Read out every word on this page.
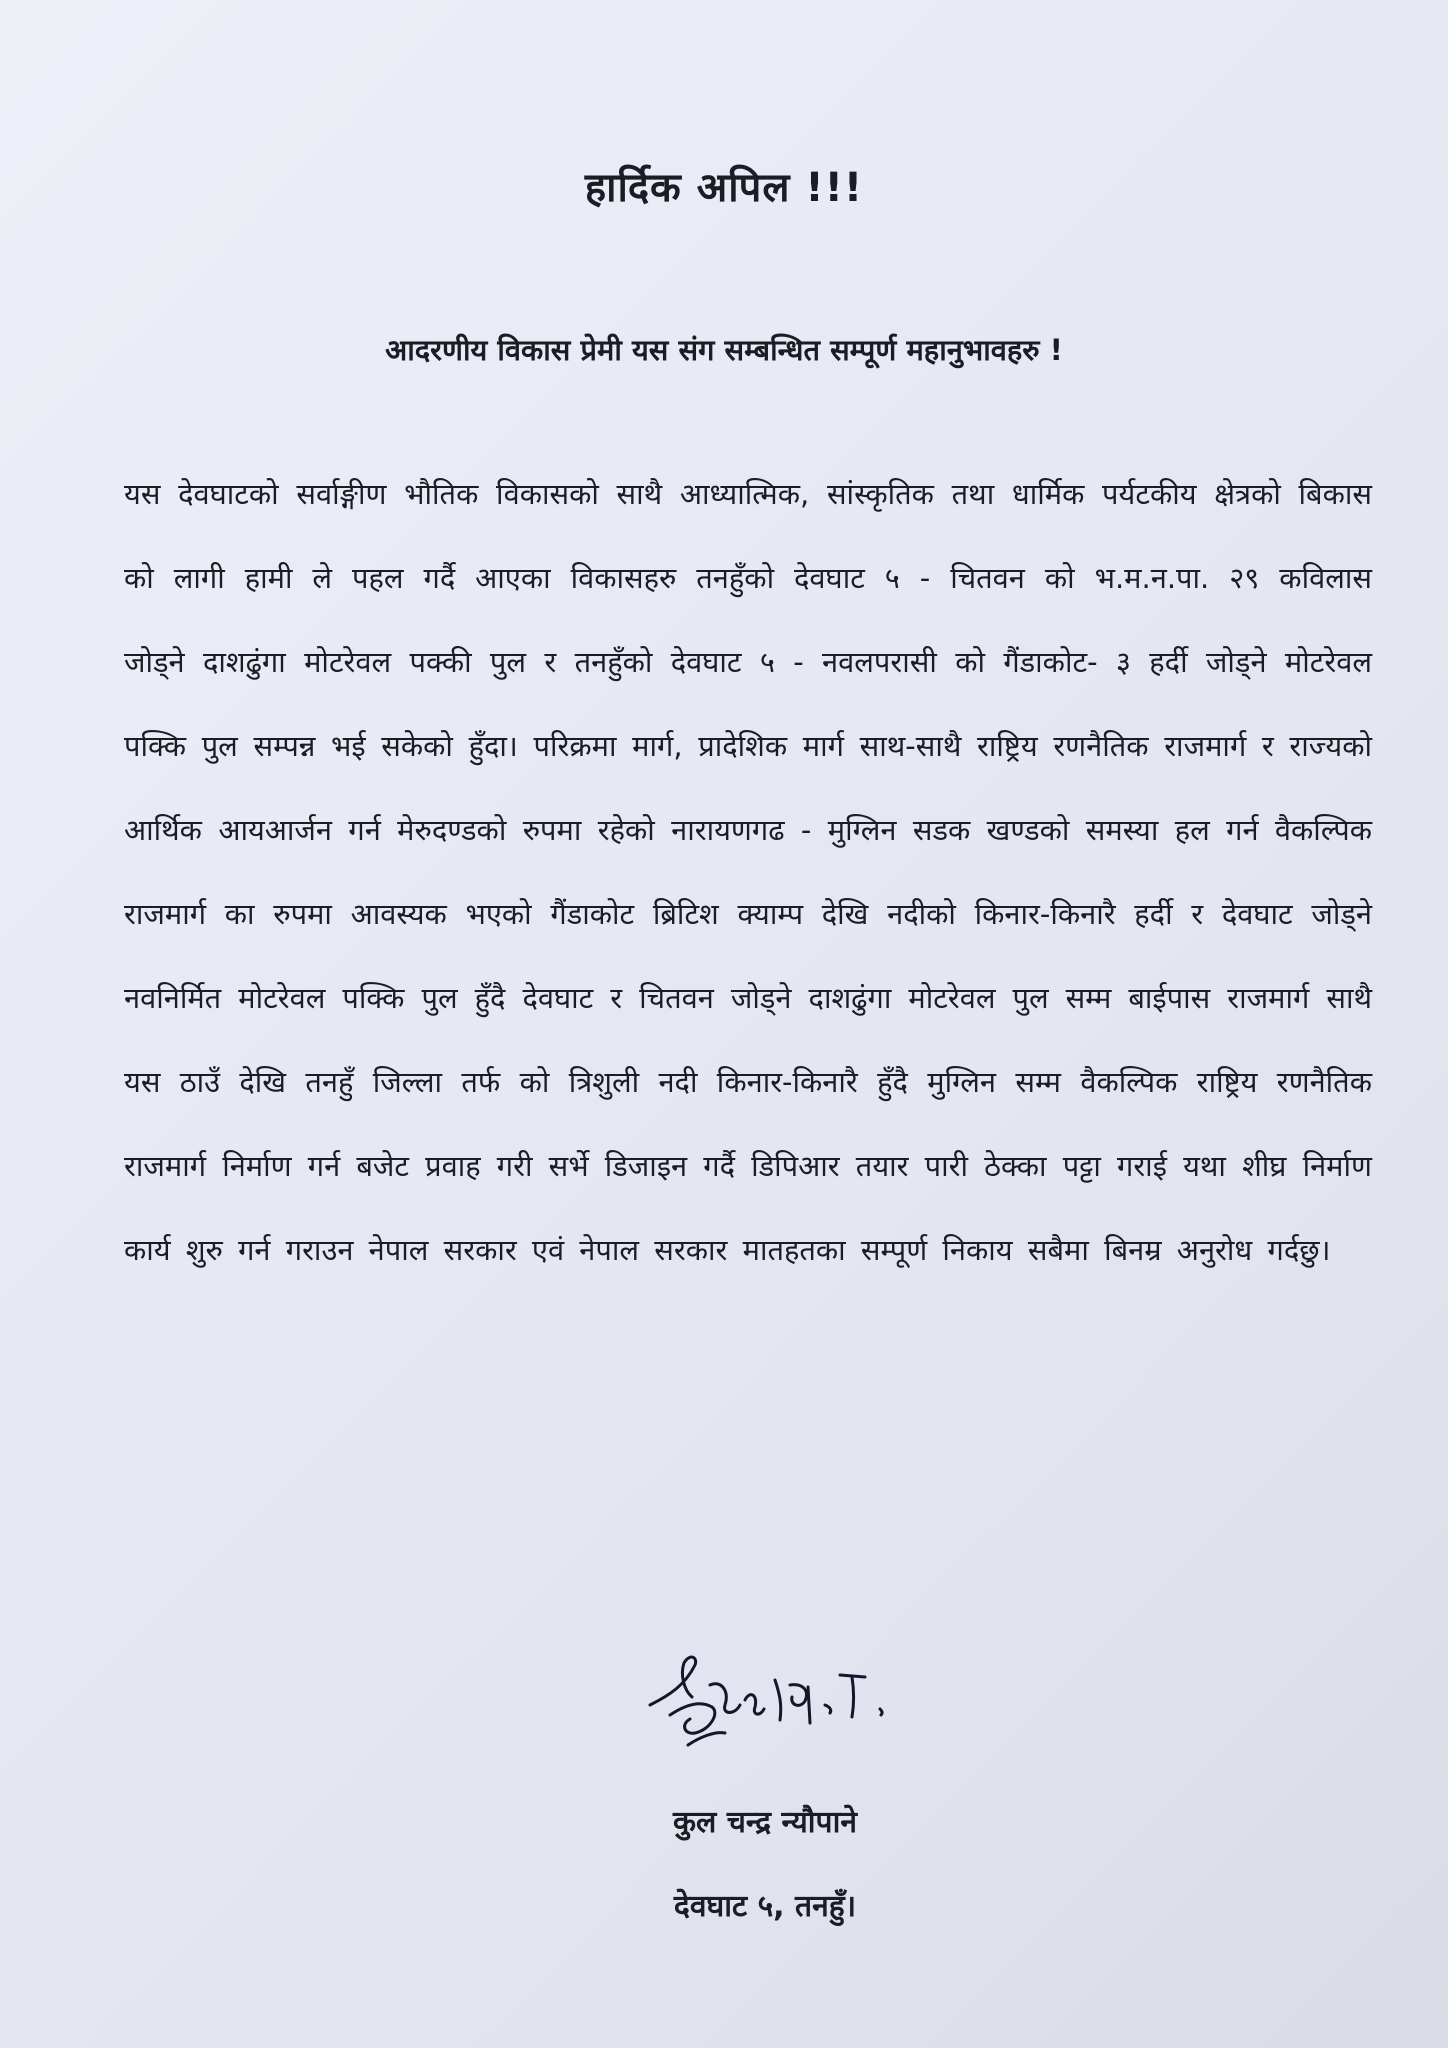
हार्दिक अपिल !!!
आदरणीय विकास प्रेमी यस संग सम्बन्धित सम्पूर्ण महानुभावहरु !
यस देवघाटको सर्वाङ्गीण भौतिक विकासको साथै आध्यात्मिक, सांस्कृतिक तथा धार्मिक पर्यटकीय क्षेत्रको बिकास को लागी हामी ले पहल गर्दै आएका विकासहरु तनहुँको देवघाट ५ - चितवन को भ.म.न.पा. २९ कविलास जोड्ने दाशढुंगा मोटरेवल पक्की पुल र तनहुँको देवघाट ५ - नवलपरासी को गैंडाकोट- ३ हर्दी जोड्ने मोटरेवल पक्कि पुल सम्पन्न भई सकेको हुँदा। परिक्रमा मार्ग, प्रादेशिक मार्ग साथ-साथै राष्ट्रिय रणनैतिक राजमार्ग र राज्यको आर्थिक आयआर्जन गर्न मेरुदण्डको रुपमा रहेको नारायणगढ - मुग्लिन सडक खण्डको समस्या हल गर्न वैकल्पिक राजमार्ग का रुपमा आवस्यक भएको गैंडाकोट ब्रिटिश क्याम्प देखि नदीको किनार-किनारै हर्दी र देवघाट जोड्ने नवनिर्मित मोटरेवल पक्कि पुल हुँदै देवघाट र चितवन जोड्ने दाशढुंगा मोटरेवल पुल सम्म बाईपास राजमार्ग साथै यस ठाउँ देखि तनहुँ जिल्ला तर्फ को त्रिशुली नदी किनार-किनारै हुँदै मुग्लिन सम्म वैकल्पिक राष्ट्रिय रणनैतिक राजमार्ग निर्माण गर्न बजेट प्रवाह गरी सर्भे डिजाइन गर्दै डिपिआर तयार पारी ठेक्का पट्टा गराई यथा शीघ्र निर्माण कार्य शुरु गर्न गराउन नेपाल सरकार एवं नेपाल सरकार मातहतका सम्पूर्ण निकाय सबैमा बिनम्र अनुरोध गर्दछु।
कुल चन्द्र न्यौपाने
देवघाट ५, तनहुँ।
